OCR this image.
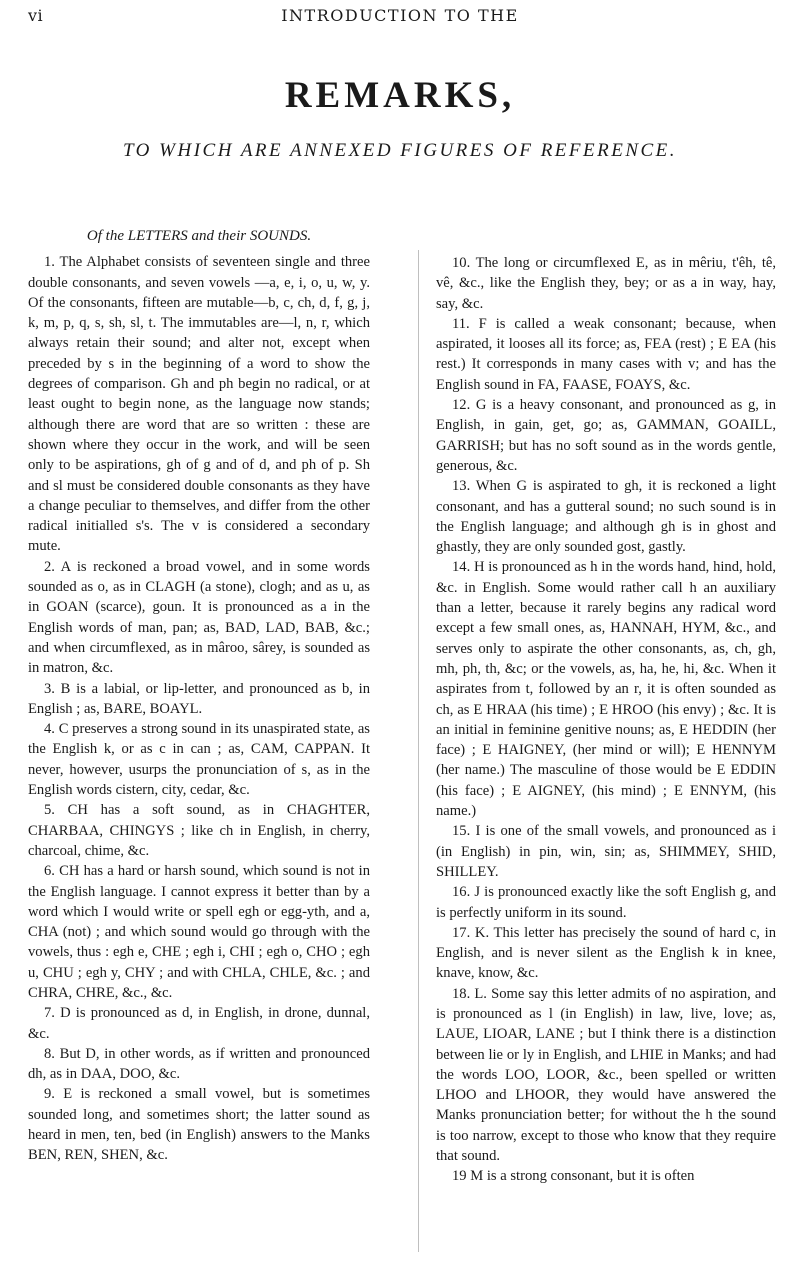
vi	INTRODUCTION TO THE
REMARKS,
TO WHICH ARE ANNEXED FIGURES OF REFERENCE.

Of the LETTERS and their SOUNDS.

1. The Alphabet consists of seventeen single and three double consonants, and seven vowels —a, e, i, o, u, w, y. Of the consonants, fifteen are mutable—b, c, ch, d, f, g, j, k, m, p, q, s, sh, sl, t. The immutables are—l, n, r, which always retain their sound; and alter not, except when preceded by s in the beginning of a word to show the degrees of comparison. Gh and ph begin no radical, or at least ought to begin none, as the language now stands; although there are word that are so written : these are shown where they occur in the work, and will be seen only to be aspirations, gh of g and of d, and ph of p. Sh and sl must be considered double consonants as they have a change peculiar to themselves, and differ from the other radical initialled s's. The v is considered a secondary mute.

2. A is reckoned a broad vowel, and in some words sounded as o, as in CLAGH (a stone), clogh; and as u, as in GOAN (scarce), goun. It is pronounced as a in the English words of man, pan; as, BAD, LAD, BAB, &c.; and when circumflexed, as in mâroo, sârey, is sounded as in matron, &c.

3. B is a labial, or lip-letter, and pronounced as b, in English ; as, BARE, BOAYL.

4. C preserves a strong sound in its unaspirated state, as the English k, or as c in can ; as, CAM, CAPPAN. It never, however, usurps the pronunciation of s, as in the English words cistern, city, cedar, &c.

5. CH has a soft sound, as in CHAGHTER, CHARBAA, CHINGYS ; like ch in English, in cherry, charcoal, chime, &c.

6. CH has a hard or harsh sound, which sound is not in the English language. I cannot express it better than by a word which I would write or spell egh or egg-yth, and a, CHA (not) ; and which sound would go through with the vowels, thus : egh e, CHE ; egh i, CHI ; egh o, CHO ; egh u, CHU ; egh y, CHY ; and with CHLA, CHLE, &c. ; and CHRA, CHRE, &c., &c.

7. D is pronounced as d, in English, in drone, dunnal, &c.

8. But D, in other words, as if written and pronounced dh, as in DAA, DOO, &c.

9. E is reckoned a small vowel, but is sometimes sounded long, and sometimes short; the latter sound as heard in men, ten, bed (in English) answers to the Manks BEN, REN, SHEN, &c.

10. The long or circumflexed E, as in mêriu, t'êh, tê, vê, &c., like the English they, bey; or as a in way, hay, say, &c.

11. F is called a weak consonant; because, when aspirated, it looses all its force; as, FEA (rest) ; E EA (his rest.) It corresponds in many cases with v; and has the English sound in FA, FAASE, FOAYS, &c.

12. G is a heavy consonant, and pronounced as g, in English, in gain, get, go; as, GAMMAN, GOAILL, GARRISH; but has no soft sound as in the words gentle, generous, &c.

13. When G is aspirated to gh, it is reckoned a light consonant, and has a gutteral sound; no such sound is in the English language; and although gh is in ghost and ghastly, they are only sounded gost, gastly.

14. H is pronounced as h in the words hand, hind, hold, &c. in English. Some would rather call h an auxiliary than a letter, because it rarely begins any radical word except a few small ones, as, HANNAH, HYM, &c., and serves only to aspirate the other consonants, as, ch, gh, mh, ph, th, &c; or the vowels, as, ha, he, hi, &c. When it aspirates from t, followed by an r, it is often sounded as ch, as E HRAA (his time) ; E HROO (his envy) ; &c. It is an initial in feminine genitive nouns; as, E HEDDIN (her face) ; E HAIGNEY, (her mind or will); E HENNYM (her name.) The masculine of those would be E EDDIN (his face) ; E AIGNEY, (his mind) ; E ENNYM, (his name.)

15. I is one of the small vowels, and pronounced as i (in English) in pin, win, sin; as, SHIMMEY, SHID, SHILLEY.

16. J is pronounced exactly like the soft English g, and is perfectly uniform in its sound.

17. K. This letter has precisely the sound of hard c, in English, and is never silent as the English k in knee, knave, know, &c.

18. L. Some say this letter admits of no aspiration, and is pronounced as l (in English) in law, live, love; as, LAUE, LIOAR, LANE ; but I think there is a distinction between lie or ly in English, and LHIE in Manks; and had the words LOO, LOOR, &c., been spelled or written LHOO and LHOOR, they would have answered the Manks pronunciation better; for without the h the sound is too narrow, except to those who know that they require that sound.

19 M is a strong consonant, but it is often
